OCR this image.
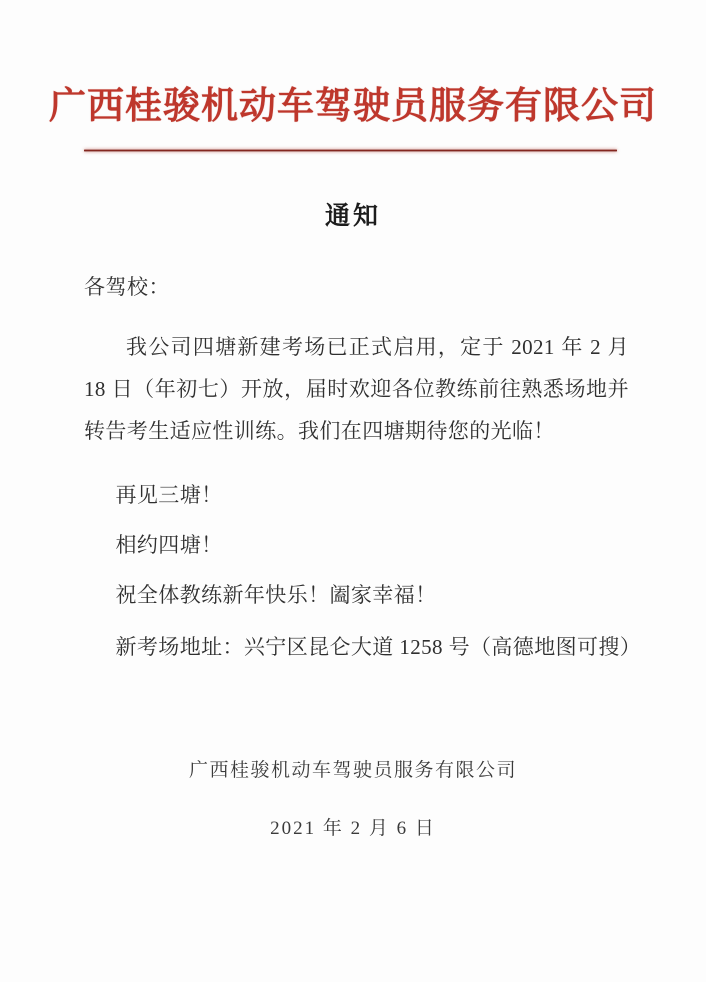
广西桂骏机动车驾驶员服务有限公司
通知

各驾校：

我公司四塘新建考场已正式启用，定于 2021 年 2 月 18 日（年初七）开放，届时欢迎各位教练前往熟悉场地并转告考生适应性训练。我们在四塘期待您的光临！

再见三塘！

相约四塘！

祝全体教练新年快乐！阖家幸福！

新考场地址：兴宁区昆仑大道 1258 号（高德地图可搜）

广西桂骏机动车驾驶员服务有限公司
2021 年 2 月 6 日
